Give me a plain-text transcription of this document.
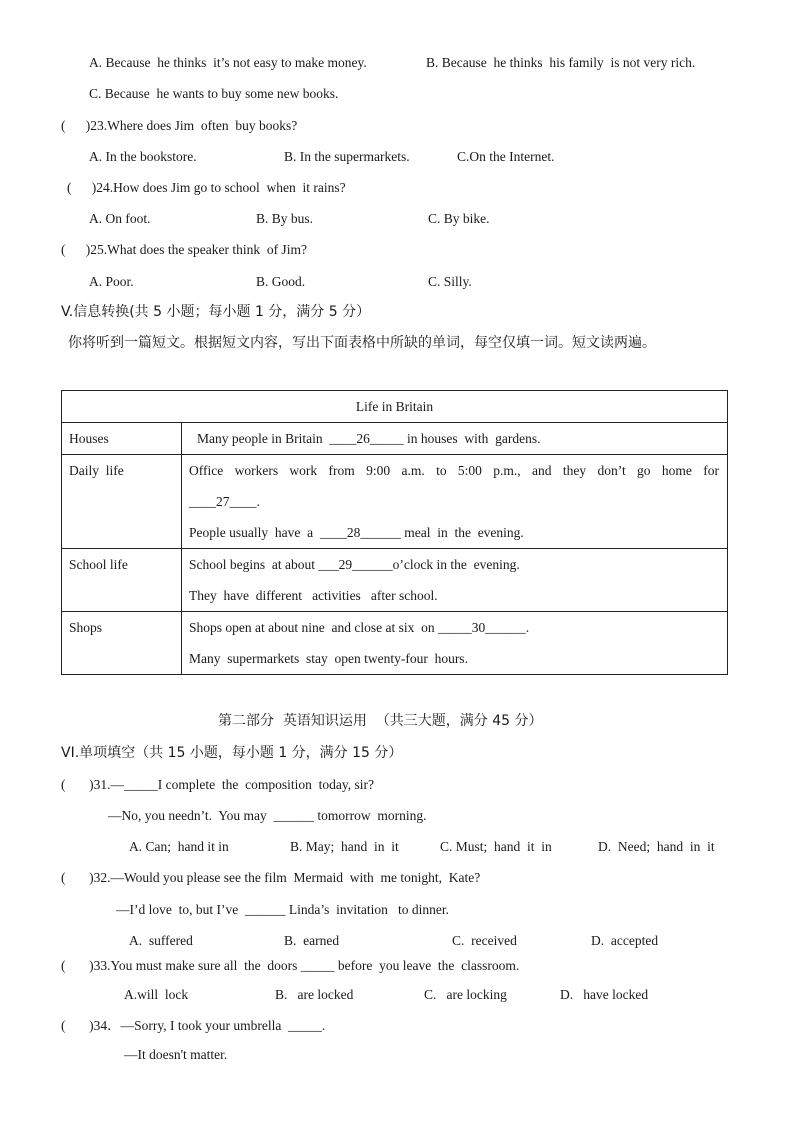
A. Because  he thinks  it’s not easy to make money.	B. Because  he thinks  his family  is not very rich.
C. Because  he wants to buy some new books.
(      )23.Where does Jim  often  buy books?
A. In the bookstore.	B. In the supermarkets.	C.On the Internet.
(      )24.How does Jim go to school  when  it rains?
A. On foot.	B. By bus.	C. By bike.
(      )25.What does the speaker think  of Jim?
A. Poor.	B. Good.	C. Silly.
V.信息转换(共 5 小题；每小题 1 分，满分 5 分）
你将听到一篇短文。根据短文内容，写出下面表格中所缺的单词，每空仅填一词。短文读两遍。
Life in Britain	

Houses	Many people in Britain  ____26_____ in houses  with  gardens.

Daily  life	Office workers work from 9:00 a.m. to 5:00 p.m., and they don’t go home for
____27____.
People usually  have  a  ____28______ meal  in  the  evening.

School life	School begins  at about ___29______o’clock in the  evening.
They  have  different   activities   after school.

Shops	Shops open at about nine  and close at six  on _____30______.
Many  supermarkets  stay  open twenty-four  hours.
第二部分  英语知识运用  （共三大题，满分 45 分）
VI.单项填空（共 15 小题，每小题 1 分，满分 15 分）
(       )31.—_____I complete  the  composition  today, sir?
—No, you needn’t.  You may  ______ tomorrow  morning.
A. Can;  hand it in	B. May;  hand  in  it	C. Must;  hand  it  in	D.  Need;  hand  in  it
(       )32.—Would you please see the film  Mermaid  with  me tonight,  Kate?
—I’d love  to, but I’ve  ______ Linda’s  invitation   to dinner.
A.  suffered	B.  earned	C.  received	D.  accepted
(       )33.You must make sure all  the  doors _____ before  you leave  the  classroom.
A.will  lock	B.   are locked	C.   are locking	D.   have locked
(       )34．—Sorry, I took your umbrella  _____.
—It doesn't matter.
